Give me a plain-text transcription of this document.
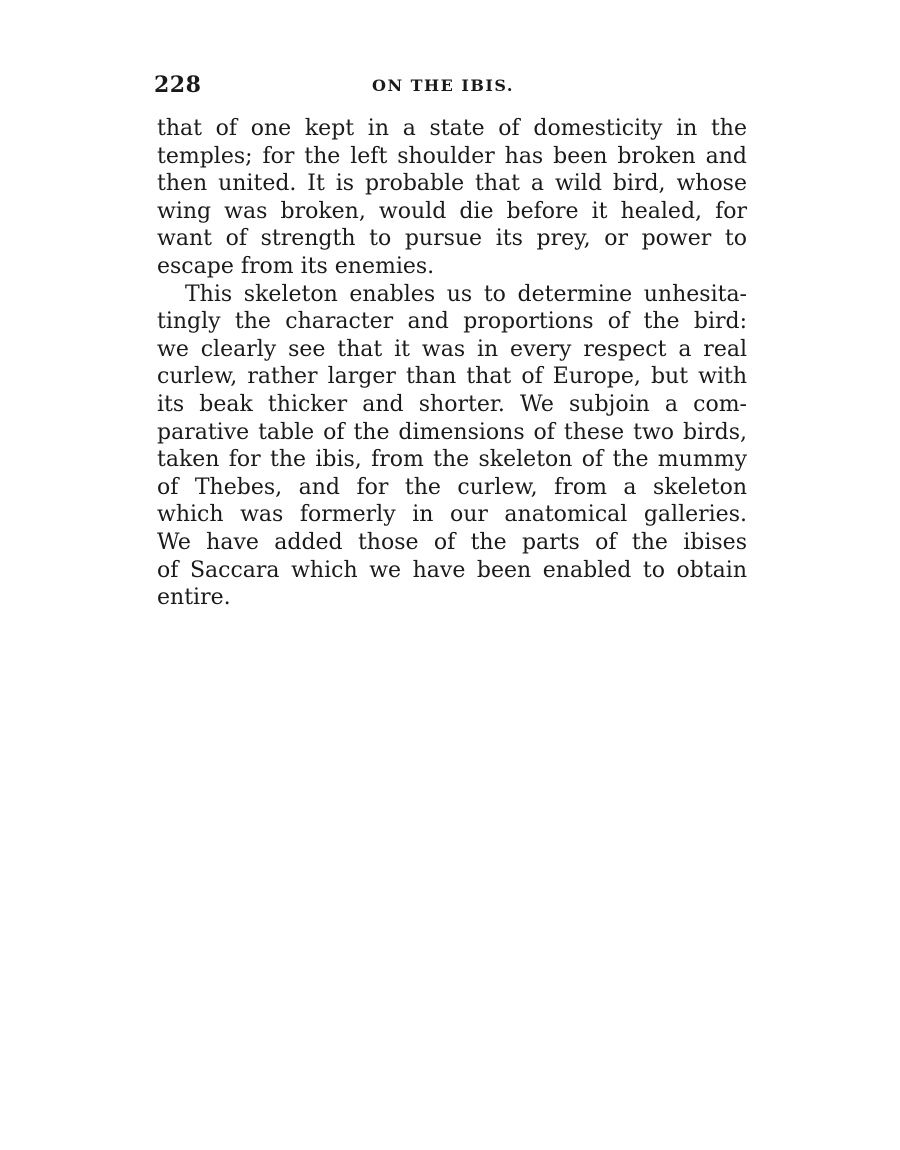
228	ON THE IBIS.
that of one kept in a state of domesticity in the
temples; for the left shoulder has been broken and
then united. It is probable that a wild bird, whose
wing was broken, would die before it healed, for
want of strength to pursue its prey, or power to
escape from its enemies.
This skeleton enables us to determine unhesita-
tingly the character and proportions of the bird:
we clearly see that it was in every respect a real
curlew, rather larger than that of Europe, but with
its beak thicker and shorter. We subjoin a com-
parative table of the dimensions of these two birds,
taken for the ibis, from the skeleton of the mummy
of Thebes, and for the curlew, from a skeleton
which was formerly in our anatomical galleries.
We have added those of the parts of the ibises
of Saccara which we have been enabled to obtain
entire.
